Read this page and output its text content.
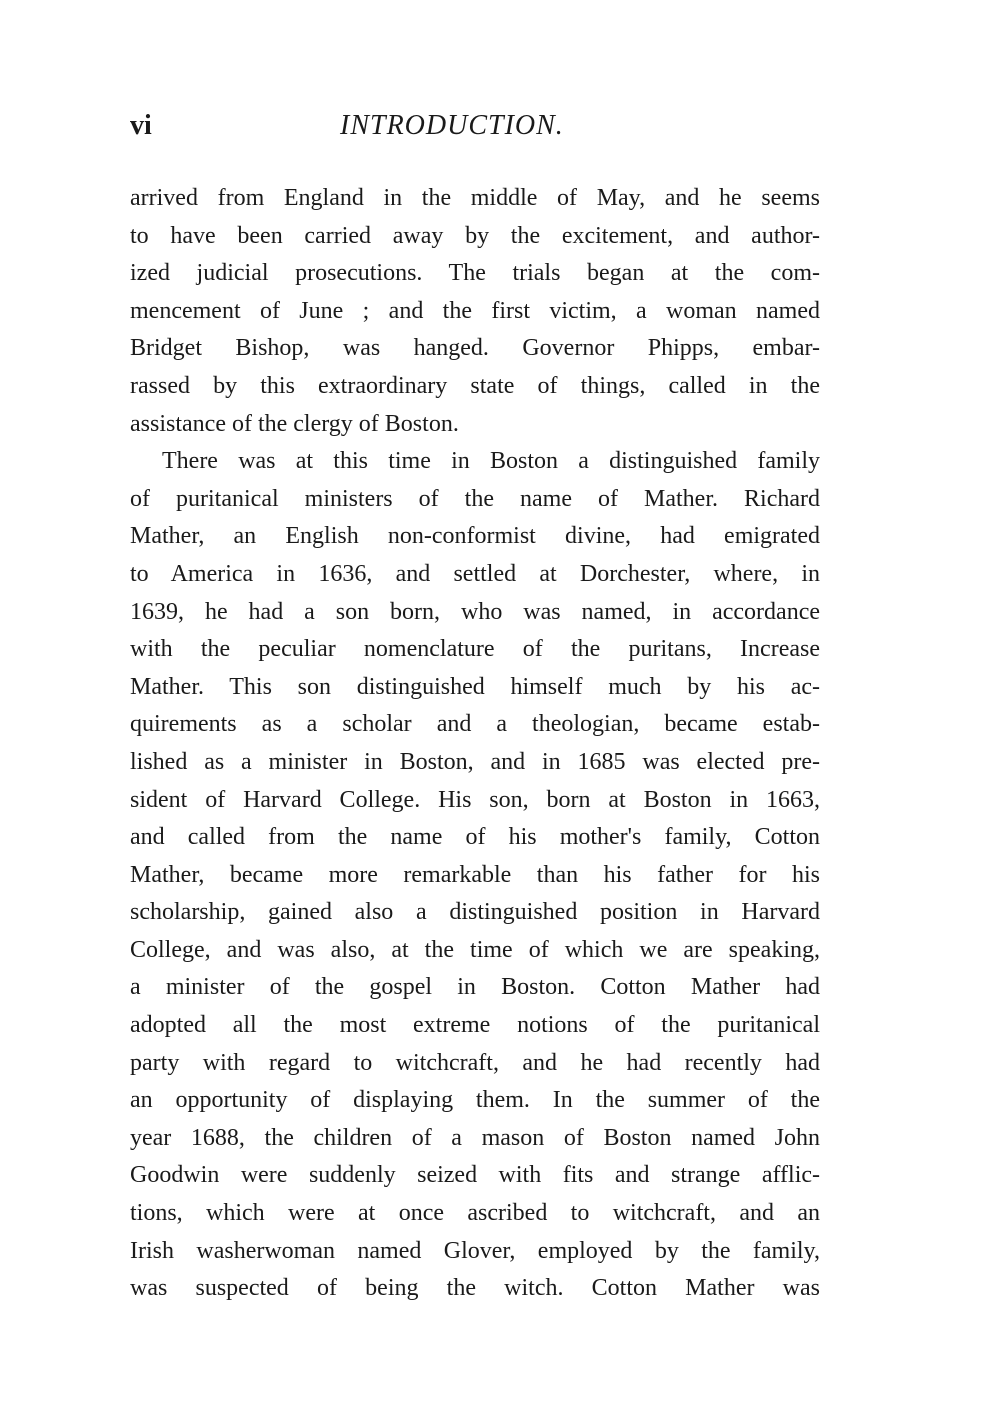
vi	INTRODUCTION.
arrived from England in the middle of May, and he seems
to have been carried away by the excitement, and author-
ized judicial prosecutions. The trials began at the com-
mencement of June ; and the first victim, a woman named
Bridget Bishop, was hanged. Governor Phipps, embar-
rassed by this extraordinary state of things, called in the
assistance of the clergy of Boston.
There was at this time in Boston a distinguished family
of puritanical ministers of the name of Mather. Richard
Mather, an English non-conformist divine, had emigrated
to America in 1636, and settled at Dorchester, where, in
1639, he had a son born, who was named, in accordance
with the peculiar nomenclature of the puritans, Increase
Mather. This son distinguished himself much by his ac-
quirements as a scholar and a theologian, became estab-
lished as a minister in Boston, and in 1685 was elected pre-
sident of Harvard College. His son, born at Boston in 1663,
and called from the name of his mother's family, Cotton
Mather, became more remarkable than his father for his
scholarship, gained also a distinguished position in Harvard
College, and was also, at the time of which we are speaking,
a minister of the gospel in Boston. Cotton Mather had
adopted all the most extreme notions of the puritanical
party with regard to witchcraft, and he had recently had
an opportunity of displaying them. In the summer of the
year 1688, the children of a mason of Boston named John
Goodwin were suddenly seized with fits and strange afflic-
tions, which were at once ascribed to witchcraft, and an
Irish washerwoman named Glover, employed by the family,
was suspected of being the witch. Cotton Mather was
